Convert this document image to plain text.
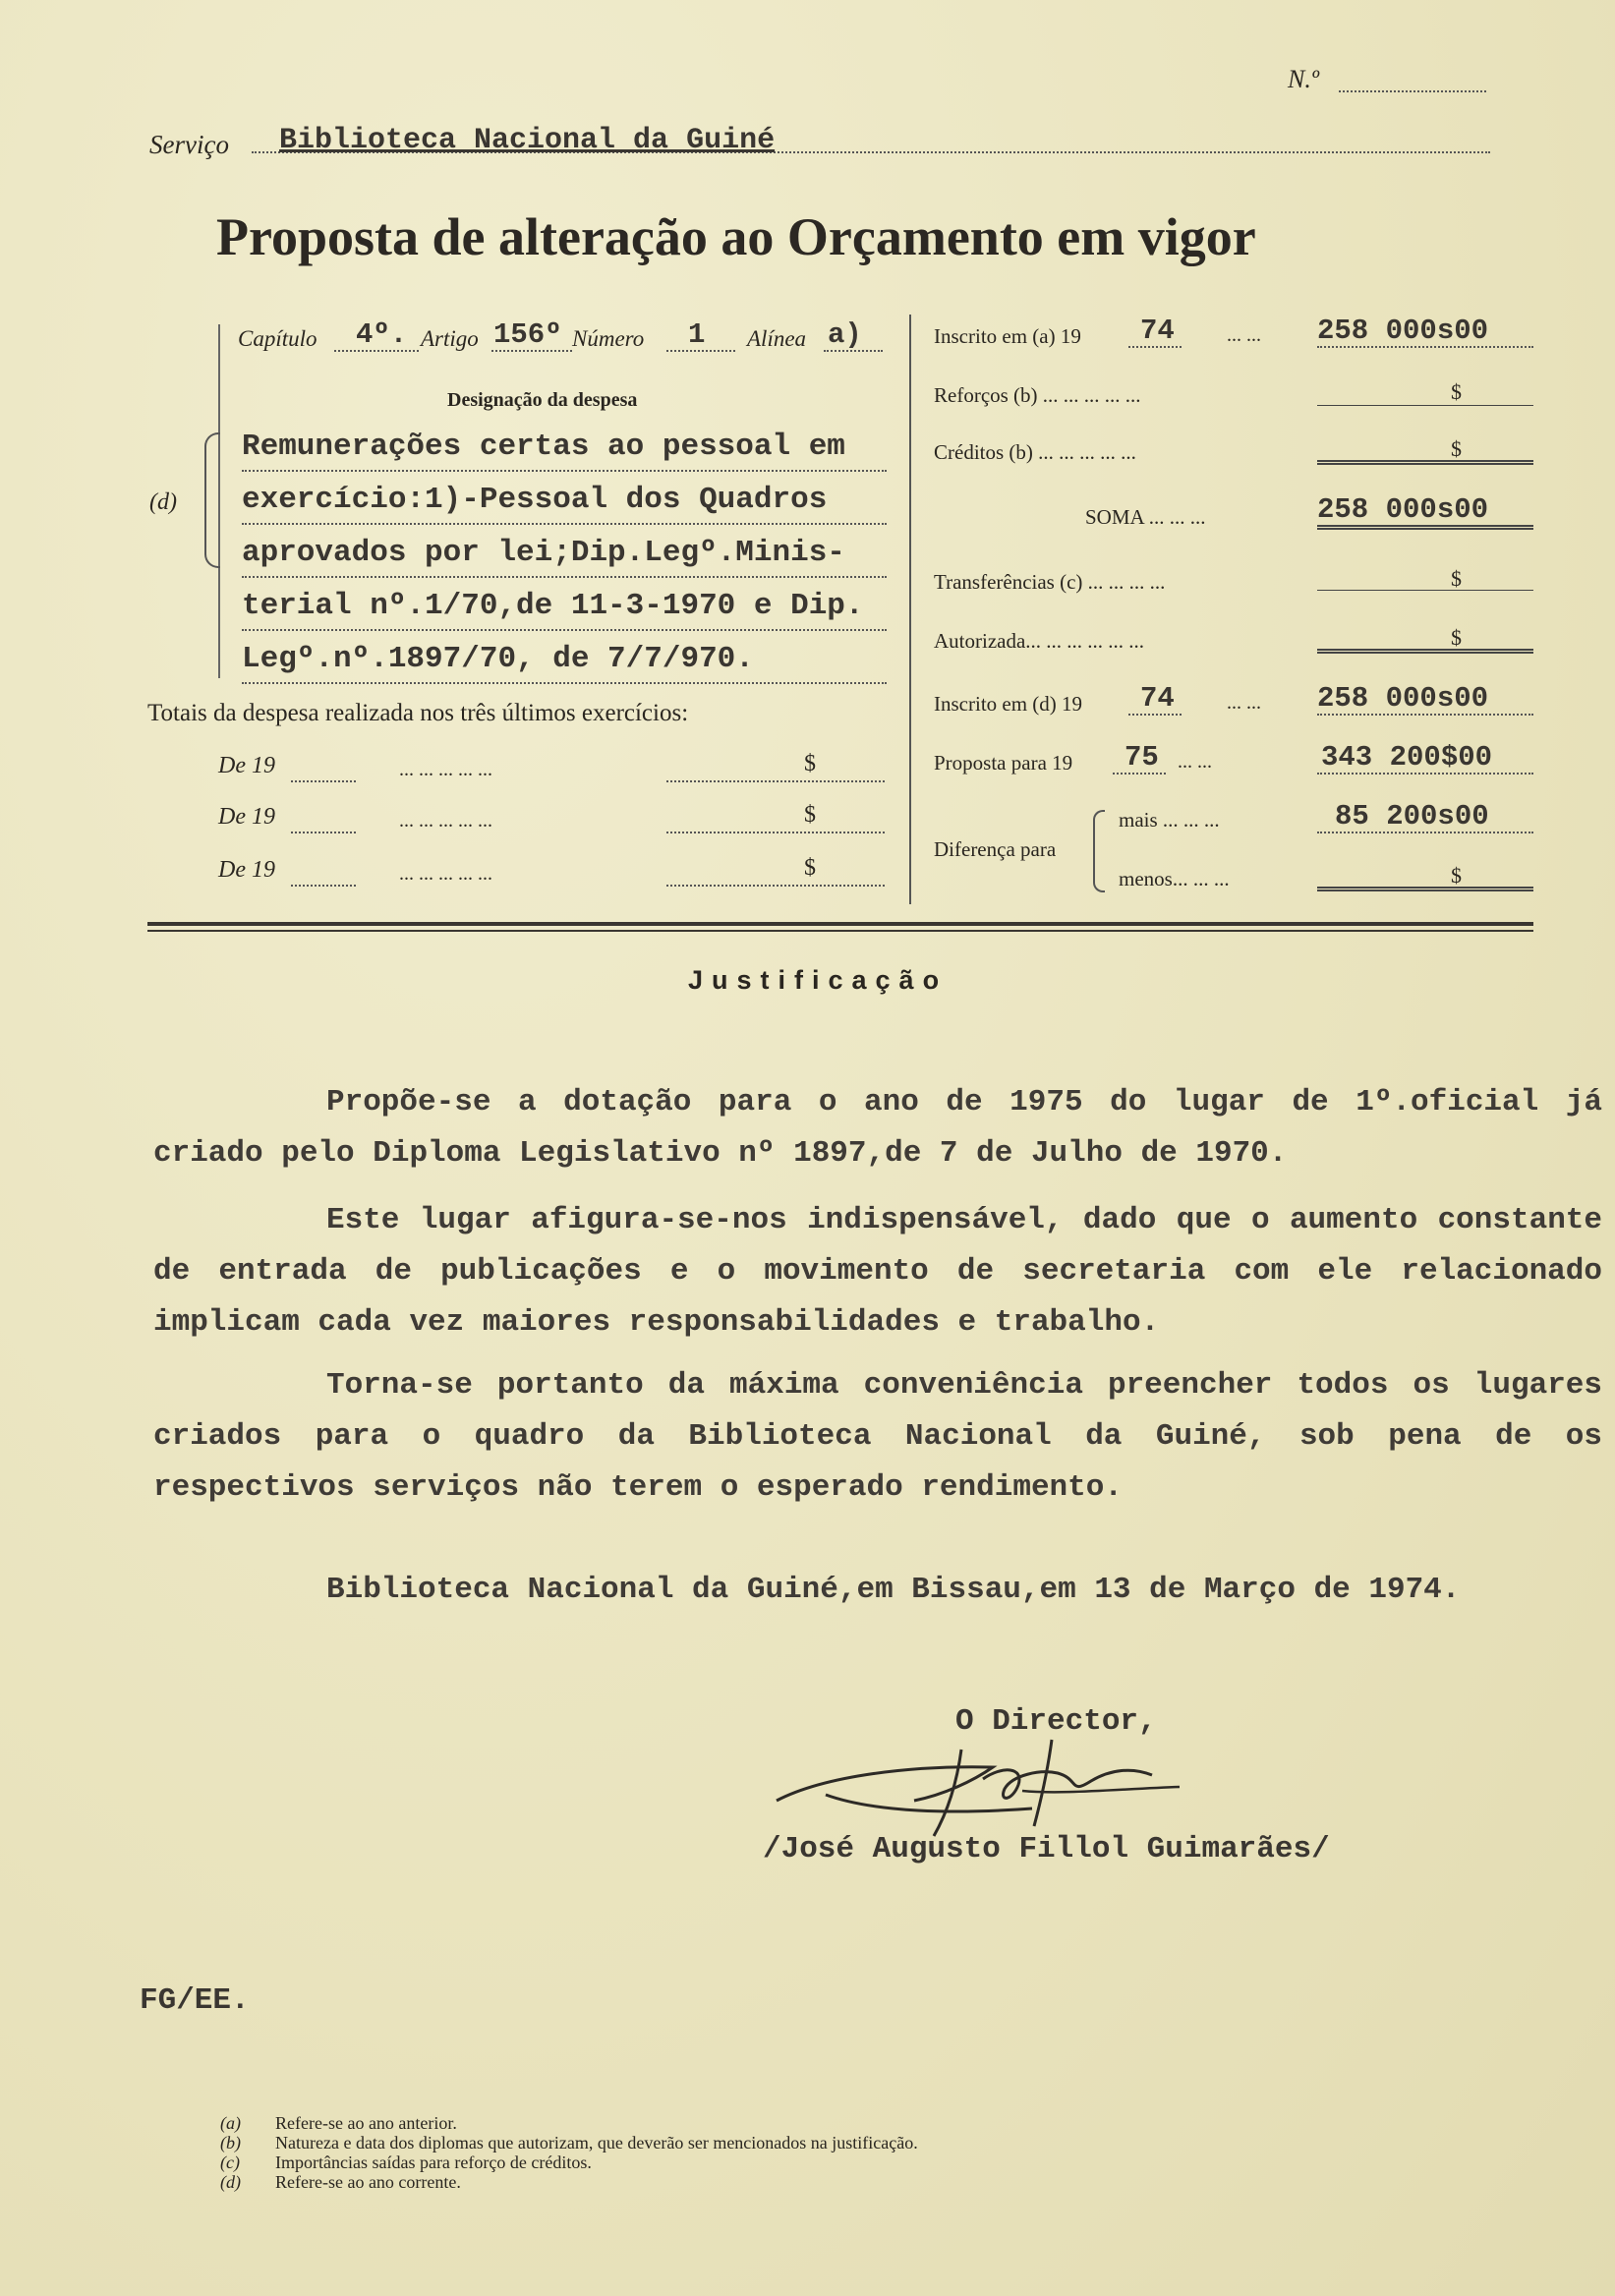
N.º
Serviço Biblioteca Nacional da Guiné
Proposta de alteração ao Orçamento em vigor
Capítulo 4º. Artigo 156º Número 1 Alínea a)
Designação da despesa
(d)
Remunerações certas ao pessoal em
exercício:1)-Pessoal dos Quadros
aprovados por lei;Dip.Legº.Minis-
terial nº.1/70,de 11-3-1970 e Dip.
Legº.nº.1897/70, de 7/7/970.
Totais da despesa realizada nos três últimos exercícios:
De 19	... ... ... ... ...	$
De 19	... ... ... ... ...	$
De 19	... ... ... ... ...	$
Inscrito em (a) 19 74	... ... 258 000s00
Reforços (b) ... ... ... ... ...	$
Créditos (b) ... ... ... ... ...	$
SOMA ... ... ...	258 000s00
Transferências (c) ... ... ... ...	$
Autorizada... ... ... ... ... ...	$
Inscrito em (d) 19 74	... ... 258 000s00
Proposta para 19 75 ... ...	343 200$00
Diferença para
mais ... ... ...	85 200s00
menos... ... ...	$
Justificação
Propõe-se a dotação para o ano de 1975 do lugar de 1º.oficial já criado pelo Diploma Legislativo nº 1897,de 7 de Julho de 1970.
Este lugar afigura-se-nos indispensável, dado que o aumento constante de entrada de publicações e o movimento de secretaria com ele relacionado implicam cada vez maiores responsabilidades e trabalho.
Torna-se portanto da máxima conveniência preencher todos os lugares criados para o quadro da Biblioteca Nacional da Guiné, sob pena de os respectivos serviços não terem o esperado rendimento.
Biblioteca Nacional da Guiné,em Bissau,em 13 de Março de 1974.
O Director,
/José Augusto Fillol Guimarães/
FG/EE.
(a)	Refere-se ao ano anterior.
(b)	Natureza e data dos diplomas que autorizam, que deverão ser mencionados na justificação.
(c)	Importâncias saídas para reforço de créditos.
(d)	Refere-se ao ano corrente.
